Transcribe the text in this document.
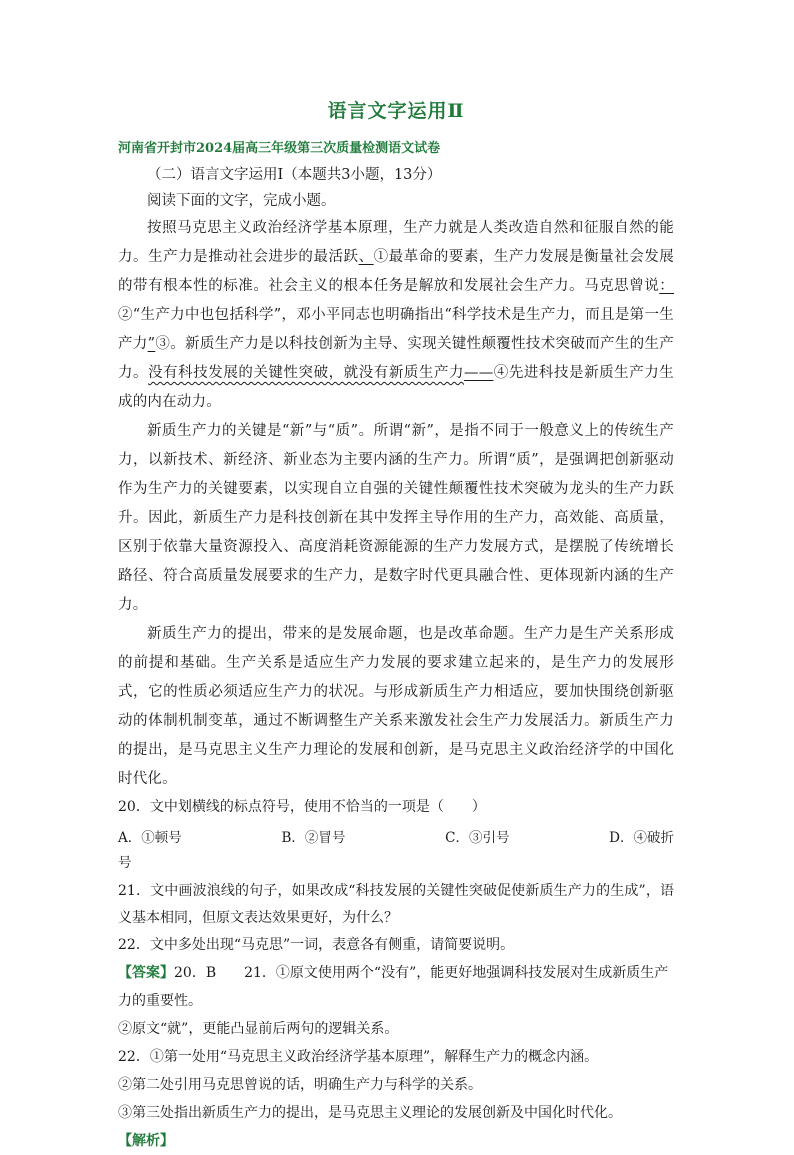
语言文字运用Ⅱ

河南省开封市2024届高三年级第三次质量检测语文试卷

（二）语言文字运用Ⅰ（本题共3小题，13分）

阅读下面的文字，完成小题。

按照马克思主义政治经济学基本原理，生产力就是人类改造自然和征服自然的能力。生产力是推动社会进步的最活跃、①最革命的要素，生产力发展是衡量社会发展的带有根本性的标准。社会主义的根本任务是解放和发展社会生产力。马克思曾说：②“生产力中也包括科学”，邓小平同志也明确指出“科学技术是生产力，而且是第一生产力”③。新质生产力是以科技创新为主导、实现关键性颠覆性技术突破而产生的生产力。没有科技发展的关键性突破，就没有新质生产力——④先进科技是新质生产力生成的内在动力。

新质生产力的关键是“新”与“质”。所谓“新”，是指不同于一般意义上的传统生产力，以新技术、新经济、新业态为主要内涵的生产力。所谓“质”，是强调把创新驱动作为生产力的关键要素，以实现自立自强的关键性颠覆性技术突破为龙头的生产力跃升。因此，新质生产力是科技创新在其中发挥主导作用的生产力，高效能、高质量，区别于依靠大量资源投入、高度消耗资源能源的生产力发展方式，是摆脱了传统增长路径、符合高质量发展要求的生产力，是数字时代更具融合性、更体现新内涵的生产力。

新质生产力的提出，带来的是发展命题，也是改革命题。生产力是生产关系形成的前提和基础。生产关系是适应生产力发展的要求建立起来的，是生产力的发展形式，它的性质必须适应生产力的状况。与形成新质生产力相适应，要加快围绕创新驱动的体制机制变革，通过不断调整生产关系来激发社会生产力发展活力。新质生产力的提出，是马克思主义生产力理论的发展和创新，是马克思主义政治经济学的中国化时代化。

20．文中划横线的标点符号，使用不恰当的一项是（　　）

A．①顿号	B．②冒号	C．③引号	D．④破折

号

21．文中画波浪线的句子，如果改成“科技发展的关键性突破促使新质生产力的生成”，语义基本相同，但原文表达效果更好，为什么？

22．文中多处出现“马克思”一词，表意各有侧重，请简要说明。

【答案】20．B　　21．①原文使用两个“没有”，能更好地强调科技发展对生成新质生产力的重要性。

②原文“就”，更能凸显前后两句的逻辑关系。

22．①第一处用“马克思主义政治经济学基本原理”，解释生产力的概念内涵。

②第二处引用马克思曾说的话，明确生产力与科学的关系。

③第三处指出新质生产力的提出，是马克思主义理论的发展创新及中国化时代化。

【解析】
